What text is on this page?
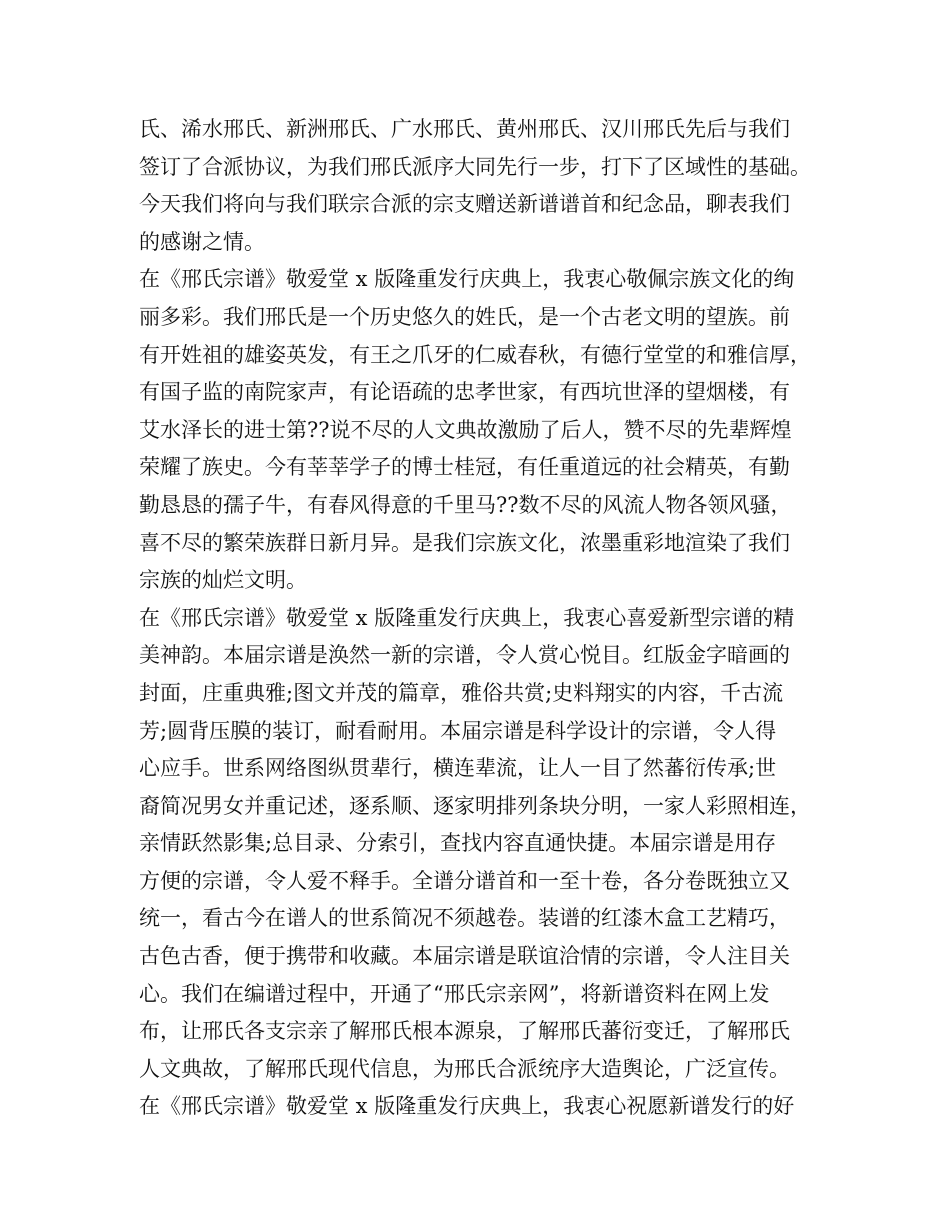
氏、浠水邢氏、新洲邢氏、广水邢氏、黄州邢氏、汉川邢氏先后与我们
签订了合派协议，为我们邢氏派序大同先行一步，打下了区域性的基础。
今天我们将向与我们联宗合派的宗支赠送新谱谱首和纪念品，聊表我们
的感谢之情。
在《邢氏宗谱》敬爱堂 x 版隆重发行庆典上，我衷心敬佩宗族文化的绚
丽多彩。我们邢氏是一个历史悠久的姓氏，是一个古老文明的望族。前
有开姓祖的雄姿英发，有王之爪牙的仁威春秋，有德行堂堂的和雅信厚，
有国子监的南院家声，有论语疏的忠孝世家，有西坑世泽的望烟楼，有
艾水泽长的进士第??说不尽的人文典故激励了后人，赞不尽的先辈辉煌
荣耀了族史。今有莘莘学子的博士桂冠，有任重道远的社会精英，有勤
勤恳恳的孺子牛，有春风得意的千里马??数不尽的风流人物各领风骚，
喜不尽的繁荣族群日新月异。是我们宗族文化，浓墨重彩地渲染了我们
宗族的灿烂文明。
在《邢氏宗谱》敬爱堂 x 版隆重发行庆典上，我衷心喜爱新型宗谱的精
美神韵。本届宗谱是涣然一新的宗谱，令人赏心悦目。红版金字暗画的
封面，庄重典雅;图文并茂的篇章，雅俗共赏;史料翔实的内容，千古流
芳;圆背压膜的装订，耐看耐用。本届宗谱是科学设计的宗谱，令人得
心应手。世系网络图纵贯辈行，横连辈流，让人一目了然蕃衍传承;世
裔简况男女并重记述，逐系顺、逐家明排列条块分明，一家人彩照相连，
亲情跃然影集;总目录、分索引，查找内容直通快捷。本届宗谱是用存
方便的宗谱，令人爱不释手。全谱分谱首和一至十卷，各分卷既独立又
统一，看古今在谱人的世系简况不须越卷。装谱的红漆木盒工艺精巧，
古色古香，便于携带和收藏。本届宗谱是联谊洽情的宗谱，令人注目关
心。我们在编谱过程中，开通了“邢氏宗亲网”，将新谱资料在网上发
布，让邢氏各支宗亲了解邢氏根本源泉，了解邢氏蕃衍变迁，了解邢氏
人文典故，了解邢氏现代信息，为邢氏合派统序大造舆论，广泛宣传。
在《邢氏宗谱》敬爱堂 x 版隆重发行庆典上，我衷心祝愿新谱发行的好
